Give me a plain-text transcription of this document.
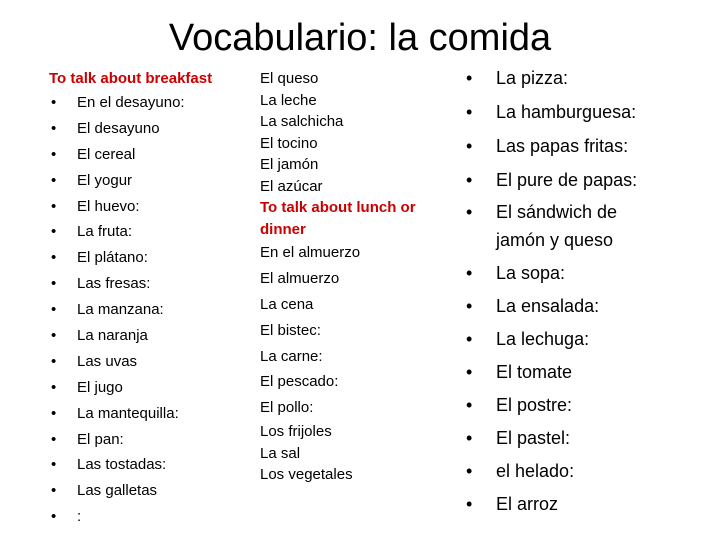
Vocabulario: la comida
To talk about breakfast
• En el desayuno:
• El desayuno
• El cereal
• El yogur
• El huevo:
• La fruta:
• El plátano:
• Las fresas:
• La manzana:
• La naranja
• Las uvas
• El jugo
• La mantequilla:
• El pan:
• Las tostadas:
• Las galletas
• :
El queso
La leche
La salchicha
El tocino
El jamón
El azúcar
To talk about lunch or
dinner
En el almuerzo
El almuerzo
La cena
El bistec:
La carne:
El pescado:
El pollo:
Los frijoles
La sal
Los vegetales
• La pizza:
• La hamburguesa:
• Las papas fritas:
• El pure de papas:
• El sándwich de jamón y queso
• La sopa:
• La ensalada:
• La lechuga:
• El tomate
• El postre:
• El pastel:
• el helado:
• El arroz
